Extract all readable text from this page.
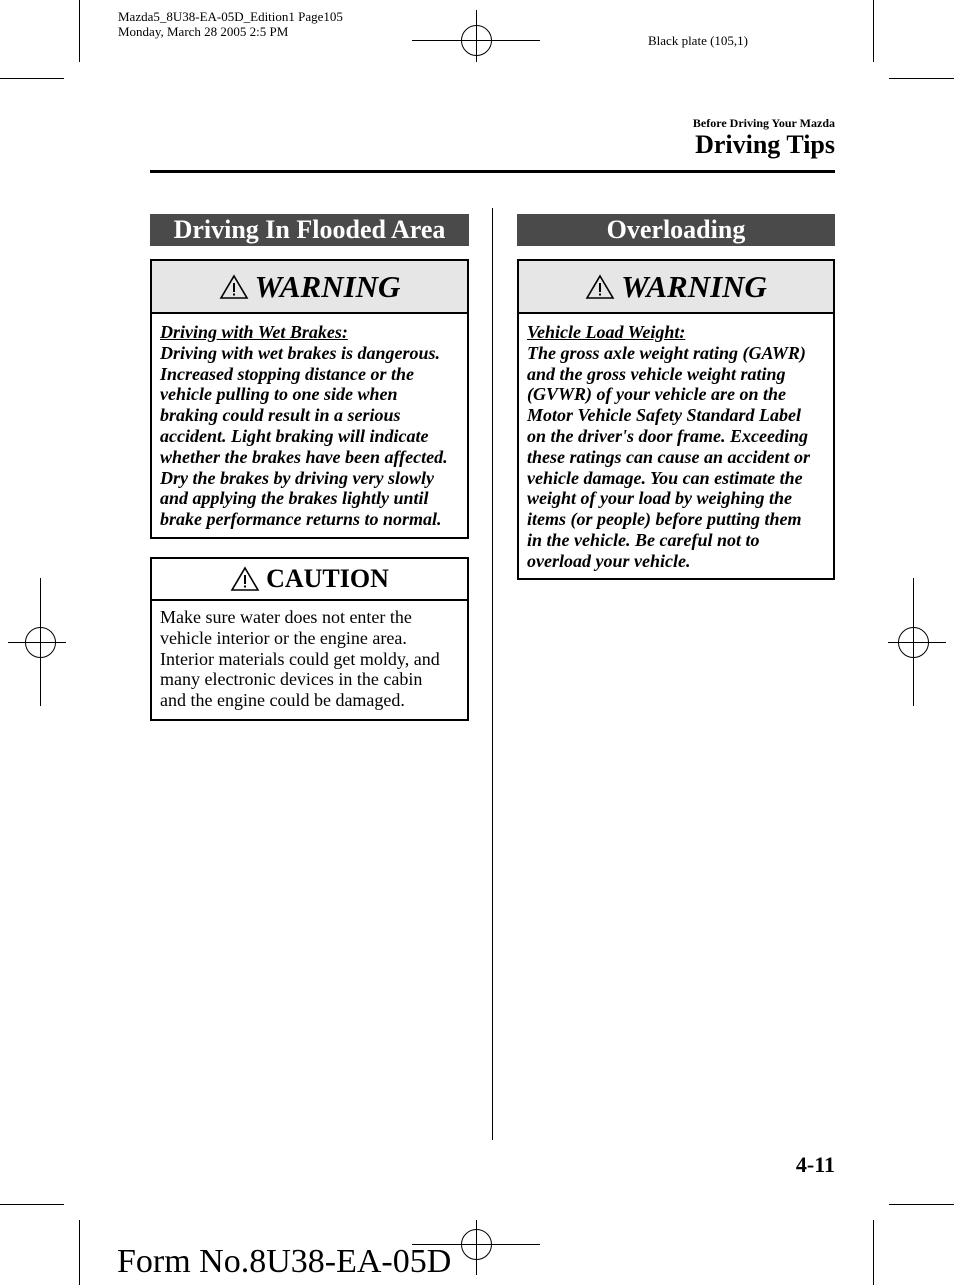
Mazda5_8U38-EA-05D_Edition1 Page105
Monday, March 28 2005 2:5 PM
Black plate (105,1)
Before Driving Your Mazda
Driving Tips
Driving In Flooded Area
WARNING
Driving with Wet Brakes:
Driving with wet brakes is dangerous.
Increased stopping distance or the
vehicle pulling to one side when
braking could result in a serious
accident. Light braking will indicate
whether the brakes have been affected.
Dry the brakes by driving very slowly
and applying the brakes lightly until
brake performance returns to normal.
CAUTION
Make sure water does not enter the
vehicle interior or the engine area.
Interior materials could get moldy, and
many electronic devices in the cabin
and the engine could be damaged.
Overloading
WARNING
Vehicle Load Weight:
The gross axle weight rating (GAWR)
and the gross vehicle weight rating
(GVWR) of your vehicle are on the
Motor Vehicle Safety Standard Label
on the driver's door frame. Exceeding
these ratings can cause an accident or
vehicle damage. You can estimate the
weight of your load by weighing the
items (or people) before putting them
in the vehicle. Be careful not to
overload your vehicle.
4-11
Form No.8U38-EA-05D
